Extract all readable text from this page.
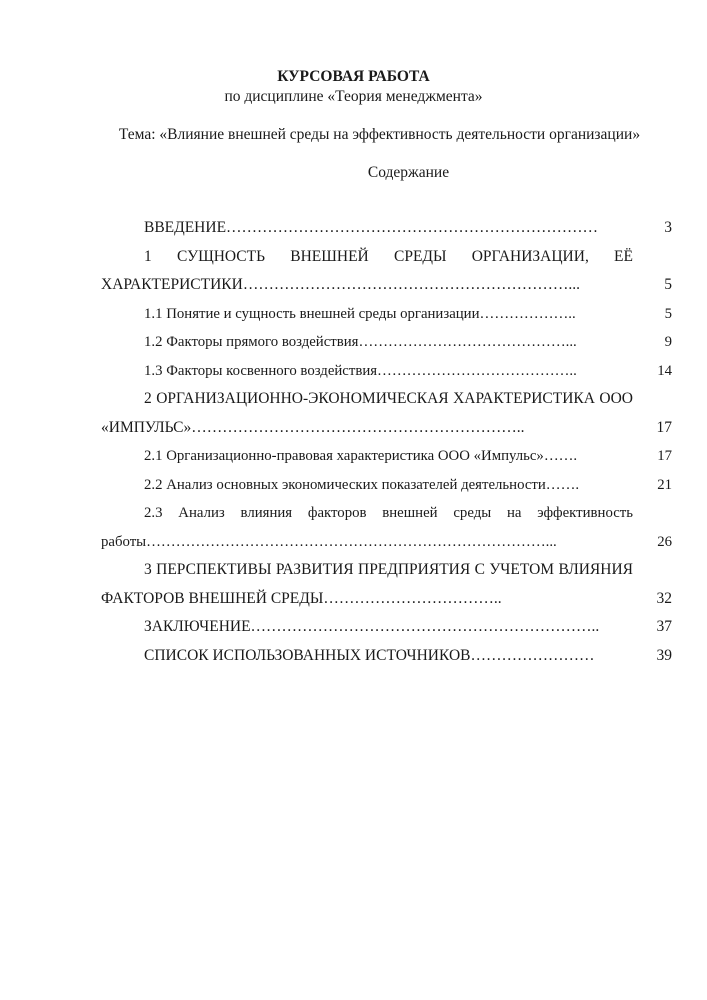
КУРСОВАЯ РАБОТА
по дисциплине «Теория менеджмента»
Тема: «Влияние внешней среды на эффективность деятельности организации»
Содержание
ВВЕДЕНИЕ………………………………………………………………	3
1 СУЩНОСТЬ ВНЕШНЕЙ СРЕДЫ ОРГАНИЗАЦИИ, ЕЁ ХАРАКТЕРИСТИКИ………………………………………………………...	5
1.1 Понятие и сущность внешней среды организации………………..	5
1.2 Факторы прямого воздействия……………………………………...	9
1.3 Факторы косвенного воздействия…………………………………..	14
2 ОРГАНИЗАЦИОННО-ЭКОНОМИЧЕСКАЯ ХАРАКТЕРИСТИКА ООО «ИМПУЛЬС»………………………………………………………..	17
2.1 Организационно-правовая характеристика ООО «Импульс»…….	17
2.2 Анализ основных экономических показателей деятельности…….	21
2.3 Анализ влияния факторов внешней среды на эффективность работы………………………………………………………………………...	26
3 ПЕРСПЕКТИВЫ РАЗВИТИЯ ПРЕДПРИЯТИЯ С УЧЕТОМ ВЛИЯНИЯ ФАКТОРОВ ВНЕШНЕЙ СРЕДЫ……………………………..	32
ЗАКЛЮЧЕНИЕ…………………………………………………………..	37
СПИСОК ИСПОЛЬЗОВАННЫХ ИСТОЧНИКОВ……………………	39
